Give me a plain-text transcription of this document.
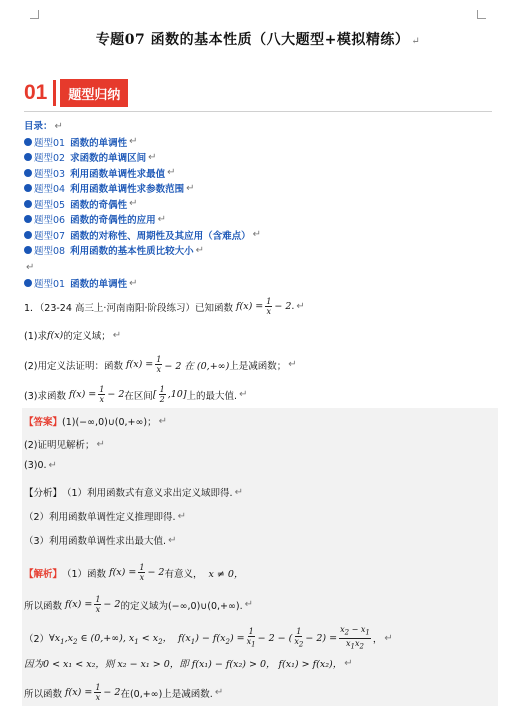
专题07 函数的基本性质（八大题型+模拟精练） ↵
01	题型归纳
目录： ↵
题型01 函数的单调性 ↵
题型02 求函数的单调区间 ↵
题型03 利用函数单调性求最值 ↵
题型04 利用函数单调性求参数范围 ↵
题型05 函数的奇偶性 ↵
题型06 函数的奇偶性的应用 ↵
题型07 函数的对称性、周期性及其应用（含难点） ↵
题型08 利用函数的基本性质比较大小 ↵
↵
题型01 函数的单调性 ↵
1．（23-24 高三上·河南南阳·阶段练习）已知函数 $f(x) = \frac{1}{x} - 2$ . ↵
(1)求 f(x) 的定义域； ↵
(2)用定义法证明：函数 $f(x) = \frac{1}{x} - 2$ 在 (0,+∞) 上是减函数； ↵
(3)求函数 $f(x) = \frac{1}{x} - 2$ 在区间 [ $\frac{1}{2} ,10$] 上的最大值. ↵
【答案】 (1)(−∞,0)∪(0,+∞)； ↵
(2)证明见解析； ↵
(3)0. ↵
【分析】 （1）利用函数式有意义求出定义域即得. ↵
（2）利用函数单调性定义推理即得. ↵
（3）利用函数单调性求出最大值. ↵
【解析】 （1）函数 $f(x) = \frac{1}{x} - 2$ 有意义，
x ≠ 0，
所以函数 $f(x) = \frac{1}{x} - 2$ 的定义域为(−∞,0)∪(0,+∞). ↵
（2） $\forall x_1,x_2$ ∈ (0,+∞), $x_1 < x_2$，  $f(x_1) - f(x_2) = \frac{1}{x1} - 2$ − ( $\frac{1}{x2} - 2) = \frac{x2 - x1}{x1x2}$ ， ↵
因为0 < x₁ < x₂，则 x₂ − x₁ > 0，即 f(x₁) − f(x₂) > 0， f(x₁) > f(x₂)， ↵
所以函数 $f(x) = \frac{1}{x} - 2$ 在(0,+∞)上是减函数. ↵
